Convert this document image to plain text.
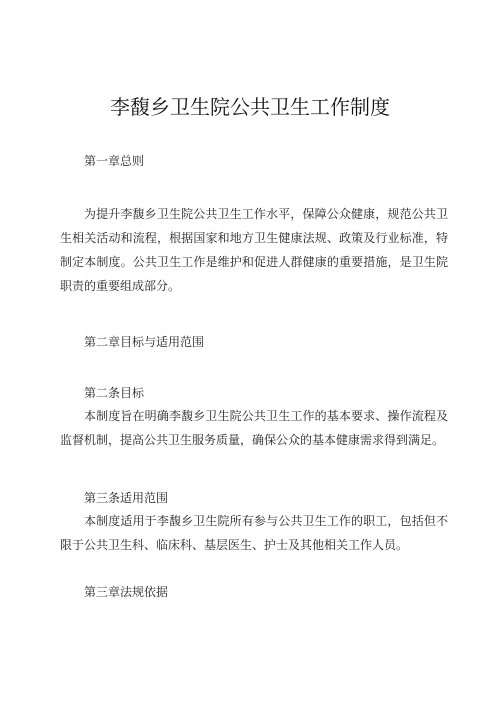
李馥乡卫生院公共卫生工作制度
第一章总则
为提升李馥乡卫生院公共卫生工作水平，保障公众健康，规范公共卫生相关活动和流程，根据国家和地方卫生健康法规、政策及行业标准，特制定本制度。公共卫生工作是维护和促进人群健康的重要措施，是卫生院职责的重要组成部分。
第二章目标与适用范围
第二条目标
本制度旨在明确李馥乡卫生院公共卫生工作的基本要求、操作流程及监督机制，提高公共卫生服务质量，确保公众的基本健康需求得到满足。
第三条适用范围
本制度适用于李馥乡卫生院所有参与公共卫生工作的职工，包括但不限于公共卫生科、临床科、基层医生、护士及其他相关工作人员。
第三章法规依据
